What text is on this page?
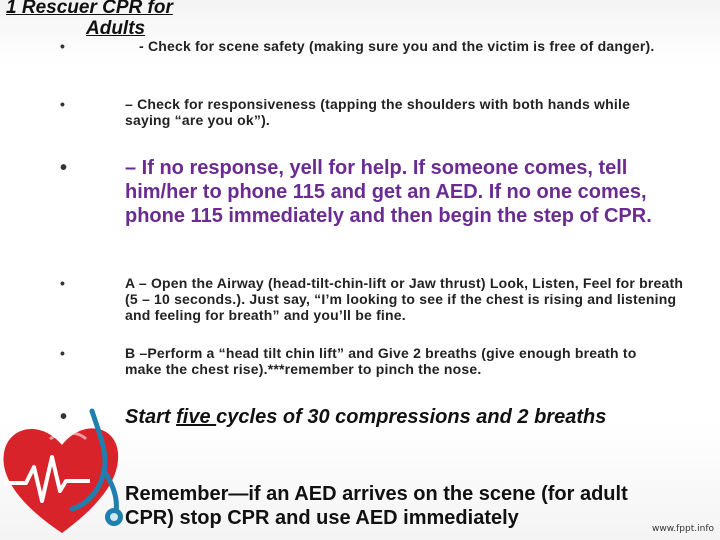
1 Rescuer CPR for
Adults
•	- Check for scene safety (making sure you and the victim is free of danger).

•	– Check for responsiveness (tapping the shoulders with both hands while saying “are you ok”).

•	– If no response, yell for help. If someone comes, tell him/her to phone 115 and get an AED. If no one comes, phone 115 immediately and then begin the step of CPR.

•	A – Open the Airway (head-tilt-chin-lift or Jaw thrust) Look, Listen, Feel for breath (5 – 10 seconds.). Just say, “I’m looking to see if the chest is rising and listening and feeling for breath” and you’ll be fine.

•	B –Perform a “head tilt chin lift” and Give 2 breaths (give enough breath to make the chest rise).***remember to pinch the nose.

•	Start five cycles of 30 compressions and 2 breaths

Remember—if an AED arrives on the scene (for adult CPR) stop CPR and use AED immediately	www.fppt.info
